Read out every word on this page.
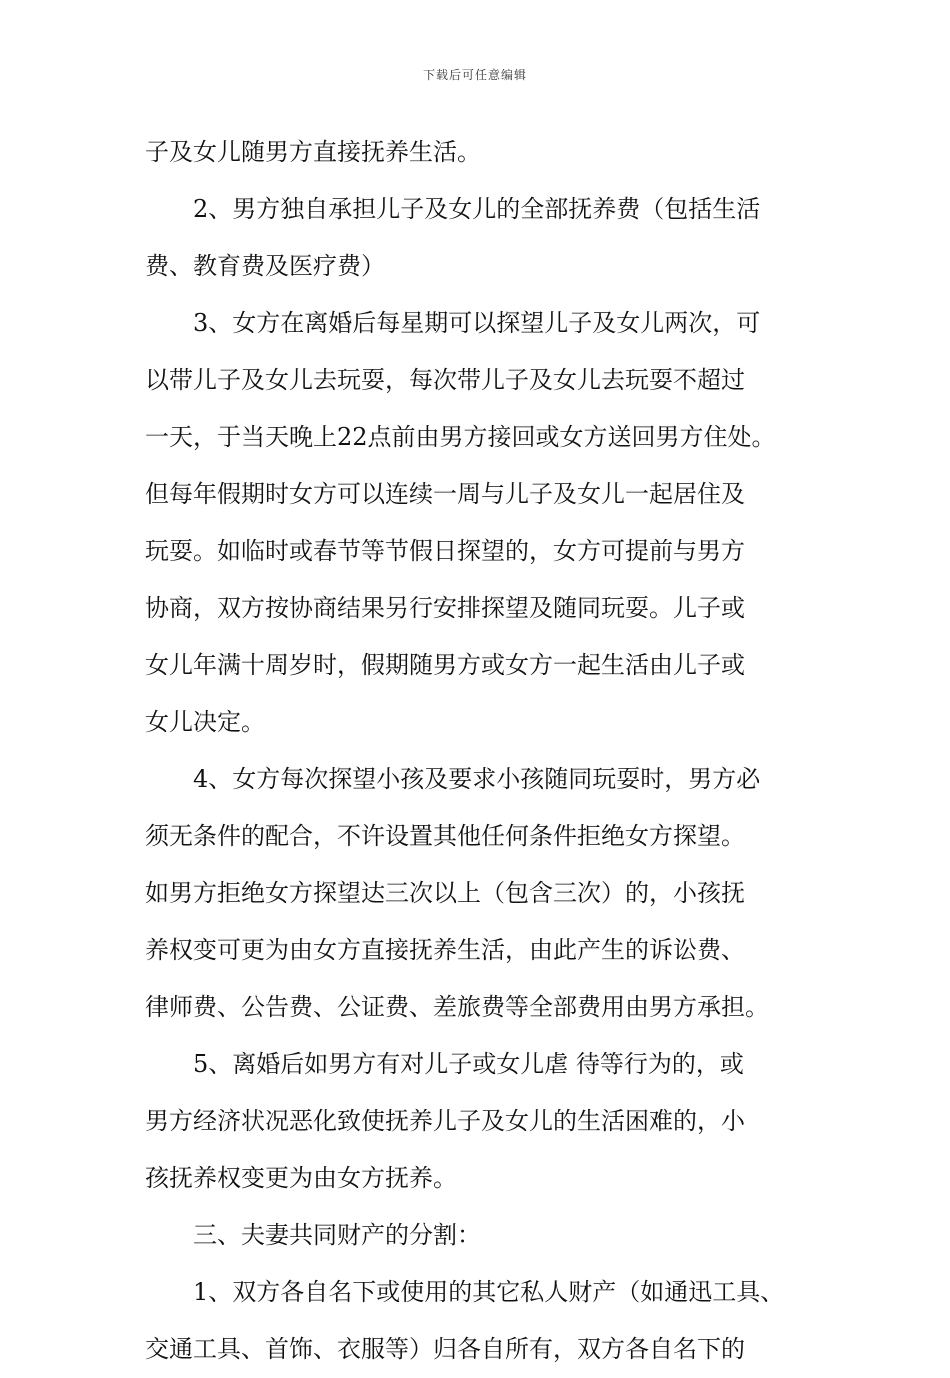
下载后可任意编辑
子及女儿随男方直接抚养生活。
2、男方独自承担儿子及女儿的全部抚养费（包括生活
费、教育费及医疗费）
3、女方在离婚后每星期可以探望儿子及女儿两次，可
以带儿子及女儿去玩耍，每次带儿子及女儿去玩耍不超过
一天，于当天晚上22点前由男方接回或女方送回男方住处。
但每年假期时女方可以连续一周与儿子及女儿一起居住及
玩耍。如临时或春节等节假日探望的，女方可提前与男方
协商，双方按协商结果另行安排探望及随同玩耍。儿子或
女儿年满十周岁时，假期随男方或女方一起生活由儿子或
女儿决定。
4、女方每次探望小孩及要求小孩随同玩耍时，男方必
须无条件的配合，不许设置其他任何条件拒绝女方探望。
如男方拒绝女方探望达三次以上（包含三次）的，小孩抚
养权变可更为由女方直接抚养生活，由此产生的诉讼费、
律师费、公告费、公证费、差旅费等全部费用由男方承担。
5、离婚后如男方有对儿子或女儿虐 待等行为的，或
男方经济状况恶化致使抚养儿子及女儿的生活困难的，小
孩抚养权变更为由女方抚养。
三、夫妻共同财产的分割：
1、双方各自名下或使用的其它私人财产（如通迅工具、
交通工具、首饰、衣服等）归各自所有，双方各自名下的
